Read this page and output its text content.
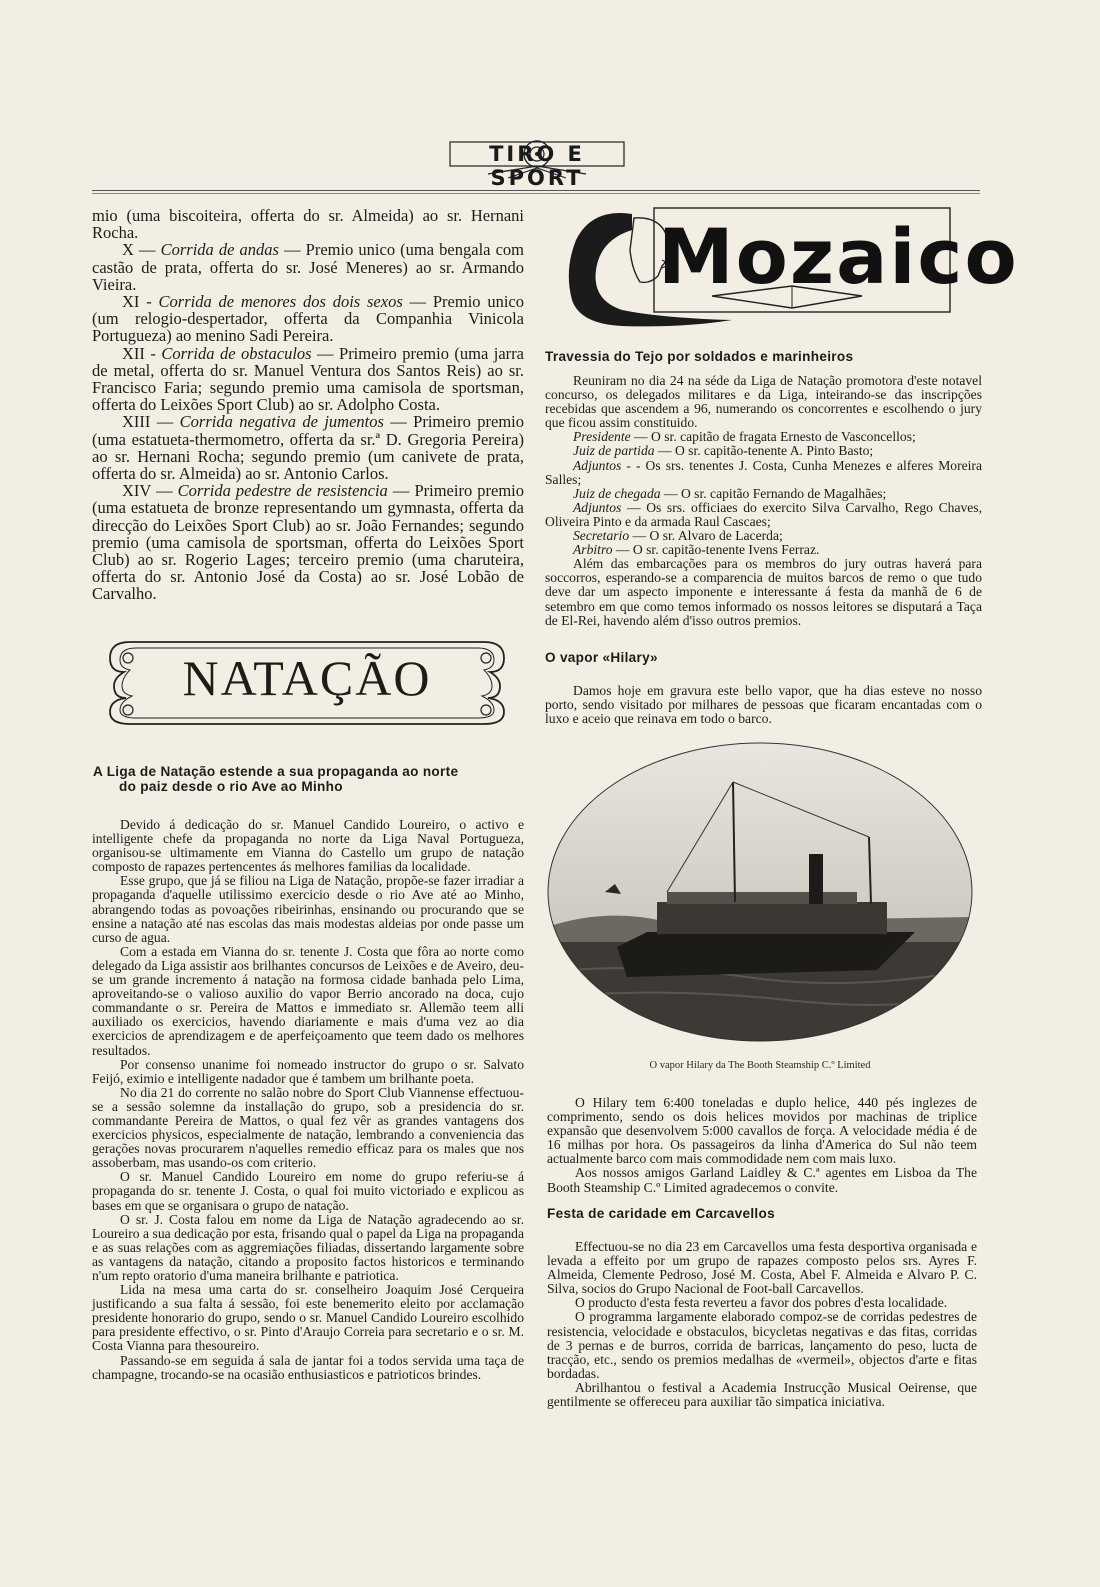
TIRO E SPORT

mio (uma biscoiteira, offerta do sr. Almeida) ao sr. Hernani Rocha.

X — Corrida de andas — Premio unico (uma bengala com castão de prata, offerta do sr. José Meneres) ao sr. Armando Vieira.

XI - Corrida de menores dos dois sexos — Premio unico (um relogio-despertador, offerta da Companhia Vinicola Portugueza) ao menino Sadi Pereira.

XII - Corrida de obstaculos — Primeiro premio (uma jarra de metal, offerta do sr. Manuel Ventura dos Santos Reis) ao sr. Francisco Faria; segundo premio uma camisola de sportsman, offerta do Leixões Sport Club) ao sr. Adolpho Costa.

XIII — Corrida negativa de jumentos — Primeiro premio (uma estatueta-thermometro, offerta da sr.ª D. Gregoria Pereira) ao sr. Hernani Rocha; segundo premio (um canivete de prata, offerta do sr. Almeida) ao sr. Antonio Carlos.

XIV — Corrida pedestre de resistencia — Primeiro premio (uma estatueta de bronze representando um gymnasta, offerta da direcção do Leixões Sport Club) ao sr. João Fernandes; segundo premio (uma camisola de sportsman, offerta do Leixões Sport Club) ao sr. Rogerio Lages; terceiro premio (uma charuteira, offerta do sr. Antonio José da Costa) ao sr. José Lobão de Carvalho.

NATAÇÃO
A Liga de Natação estende a sua propaganda ao norte
do paiz desde o rio Ave ao Minho

Devido á dedicação do sr. Manuel Candido Loureiro, o activo e intelligente chefe da propaganda no norte da Liga Naval Portugueza, organisou-se ultimamente em Vianna do Castello um grupo de natação composto de rapazes pertencentes ás melhores familias da localidade.

Esse grupo, que já se filiou na Liga de Natação, propõe-se fazer irradiar a propaganda d'aquelle utilissimo exercicio desde o rio Ave até ao Minho, abrangendo todas as povoações ribeirinhas, ensinando ou procurando que se ensine a natação até nas escolas das mais modestas aldeias por onde passe um curso de agua.

Com a estada em Vianna do sr. tenente J. Costa que fôra ao norte como delegado da Liga assistir aos brilhantes concursos de Leixões e de Aveiro, deu-se um grande incremento á natação na formosa cidade banhada pelo Lima, aproveitando-se o valioso auxilio do vapor Berrio ancorado na doca, cujo commandante o sr. Pereira de Mattos e immediato sr. Allemão teem alli auxiliado os exercicios, havendo diariamente e mais d'uma vez ao dia exercicios de aprendizagem e de aperfeiçoamento que teem dado os melhores resultados.

Por consenso unanime foi nomeado instructor do grupo o sr. Salvato Feijó, eximio e intelligente nadador que é tambem um brilhante poeta.

No dia 21 do corrente no salão nobre do Sport Club Viannense effectuou-se a sessão solemne da installação do grupo, sob a presidencia do sr. commandante Pereira de Mattos, o qual fez vêr as grandes vantagens dos exercicios physicos, especialmente de natação, lembrando a conveniencia das gerações novas procurarem n'aquelles remedio efficaz para os males que nos assoberbam, mas usando-os com criterio.

O sr. Manuel Candido Loureiro em nome do grupo referiu-se á propaganda do sr. tenente J. Costa, o qual foi muito victoriado e explicou as bases em que se organisara o grupo de natação.

O sr. J. Costa falou em nome da Liga de Natação agradecendo ao sr. Loureiro a sua dedicação por esta, frisando qual o papel da Liga na propaganda e as suas relações com as aggremiações filiadas, dissertando largamente sobre as vantagens da natação, citando a proposito factos historicos e terminando n'um repto oratorio d'uma maneira brilhante e patriotica.

Lida na mesa uma carta do sr. conselheiro Joaquim José Cerqueira justificando a sua falta á sessão, foi este benemerito eleito por acclamação presidente honorario do grupo, sendo o sr. Manuel Candido Loureiro escolhido para presidente effectivo, o sr. Pinto d'Araujo Correia para secretario e o sr. M. Costa Vianna para thesoureiro.

Passando-se em seguida á sala de jantar foi a todos servida uma taça de champagne, trocando-se na ocasião enthusiasticos e patrioticos brindes.

Mozaico
Travessia do Tejo por soldados e marinheiros

Reuniram no dia 24 na séde da Liga de Natação promotora d'este notavel concurso, os delegados militares e da Liga, inteirando-se das inscripções recebidas que ascendem a 96, numerando os concorrentes e escolhendo o jury que ficou assim constituido.

Presidente — O sr. capitão de fragata Ernesto de Vasconcellos;

Juiz de partida — O sr. capitão-tenente A. Pinto Basto;

Adjuntos - - Os srs. tenentes J. Costa, Cunha Menezes e alferes Moreira Salles;

Juiz de chegada — O sr. capitão Fernando de Magalhães;

Adjuntos — Os srs. officiaes do exercito Silva Carvalho, Rego Chaves, Oliveira Pinto e da armada Raul Cascaes;

Secretario — O sr. Alvaro de Lacerda;

Arbitro — O sr. capitão-tenente Ivens Ferraz.

Além das embarcações para os membros do jury outras haverá para soccorros, esperando-se a comparencia de muitos barcos de remo o que tudo deve dar um aspecto imponente e interessante á festa da manhã de 6 de setembro em que como temos informado os nossos leitores se disputará a Taça de El-Rei, havendo além d'isso outros premios.

O vapor «Hilary»

Damos hoje em gravura este bello vapor, que ha dias esteve no nosso porto, sendo visitado por milhares de pessoas que ficaram encantadas com o luxo e aceio que reinava em todo o barco.

O vapor Hilary da The Booth Steamship C.º Limited

O Hilary tem 6:400 toneladas e duplo helice, 440 pés inglezes de comprimento, sendo os dois helices movidos por machinas de triplice expansão que desenvolvem 5:000 cavallos de força. A velocidade média é de 16 milhas por hora. Os passageiros da linha d'America do Sul não teem actualmente barco com mais commodidade nem com mais luxo.

Aos nossos amigos Garland Laidley & C.ª agentes em Lisboa da The Booth Steamship C.º Limited agradecemos o convite.

Festa de caridade em Carcavellos

Effectuou-se no dia 23 em Carcavellos uma festa desportiva organisada e levada a effeito por um grupo de rapazes composto pelos srs. Ayres F. Almeida, Clemente Pedroso, José M. Costa, Abel F. Almeida e Alvaro P. C. Silva, socios do Grupo Nacional de Foot-ball Carcavellos.

O producto d'esta festa reverteu a favor dos pobres d'esta localidade.

O programma largamente elaborado compoz-se de corridas pedestres de resistencia, velocidade e obstaculos, bicycletas negativas e das fitas, corridas de 3 pernas e de burros, corrida de barricas, lançamento do peso, lucta de tracção, etc., sendo os premios medalhas de «vermeil», objectos d'arte e fitas bordadas.

Abrilhantou o festival a Academia Instrucção Musical Oeirense, que gentilmente se offereceu para auxiliar tão simpatica iniciativa.
